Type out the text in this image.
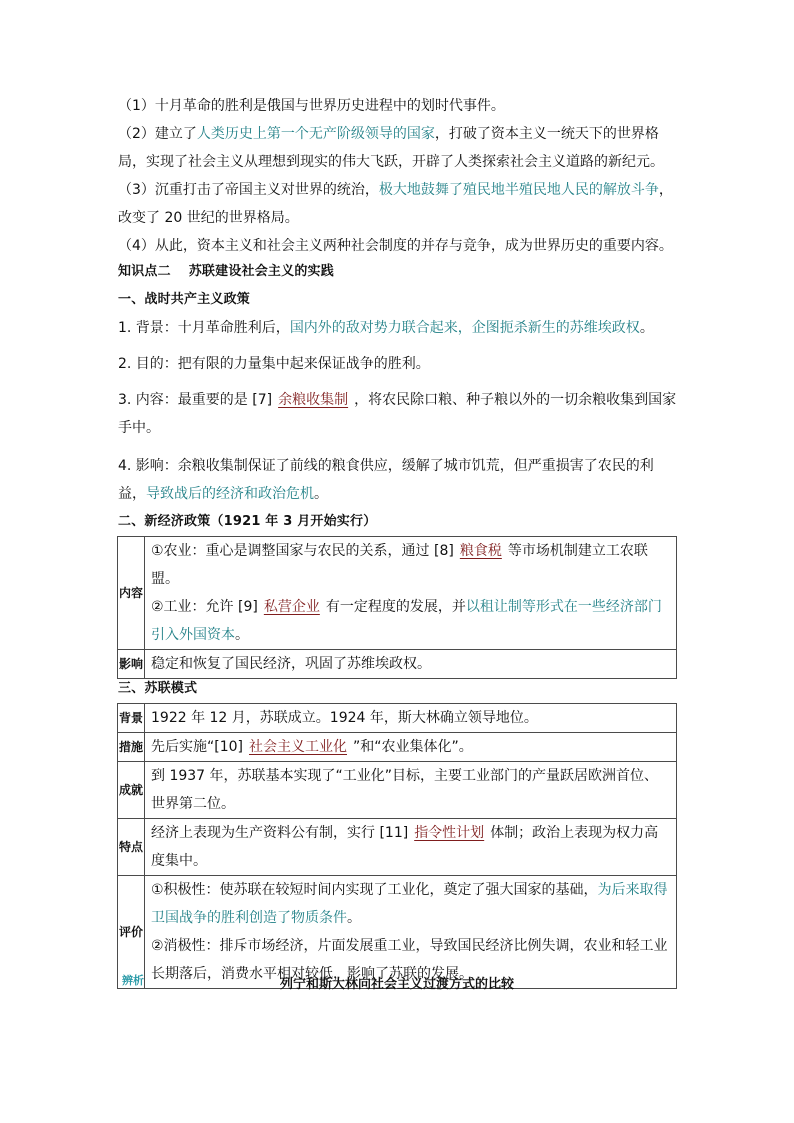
（1）十月革命的胜利是俄国与世界历史进程中的划时代事件。
（2）建立了人类历史上第一个无产阶级领导的国家，打破了资本主义一统天下的世界格局，实现了社会主义从理想到现实的伟大飞跃，开辟了人类探索社会主义道路的新纪元。
（3）沉重打击了帝国主义对世界的统治，极大地鼓舞了殖民地半殖民地人民的解放斗争，改变了 20 世纪的世界格局。
（4）从此，资本主义和社会主义两种社会制度的并存与竞争，成为世界历史的重要内容。
知识点二　 苏联建设社会主义的实践
一、战时共产主义政策
1. 背景：十月革命胜利后，国内外的敌对势力联合起来，企图扼杀新生的苏维埃政权。
2. 目的：把有限的力量集中起来保证战争的胜利。
3. 内容：最重要的是 [7] 余粮收集制 ，将农民除口粮、种子粮以外的一切余粮收集到国家手中。
4. 影响：余粮收集制保证了前线的粮食供应，缓解了城市饥荒，但严重损害了农民的利益，导致战后的经济和政治危机。
二、新经济政策（1921 年 3 月开始实行）
内容	①农业：重心是调整国家与农民的关系，通过 [8] 粮食税 等市场机制建立工农联盟。
②工业：允许 [9] 私营企业 有一定程度的发展，并以租让制等形式在一些经济部门引入外国资本。

影响	稳定和恢复了国民经济，巩固了苏维埃政权。
三、苏联模式
背景	1922 年 12 月，苏联成立。1924 年，斯大林确立领导地位。
措施	先后实施“[10] 社会主义工业化 ”和“农业集体化”。
成就	到 1937 年，苏联基本实现了“工业化”目标，主要工业部门的产量跃居欧洲首位、世界第二位。
特点	经济上表现为生产资料公有制，实行 [11] 指令性计划 体制；政治上表现为权力高度集中。
评价	①积极性：使苏联在较短时间内实现了工业化，奠定了强大国家的基础，为后来取得卫国战争的胜利创造了物质条件。
②消极性：排斥市场经济，片面发展重工业，导致国民经济比例失调，农业和轻工业长期落后，消费水平相对较低，影响了苏联的发展。
辨析	列宁和斯大林向社会主义过渡方式的比较
